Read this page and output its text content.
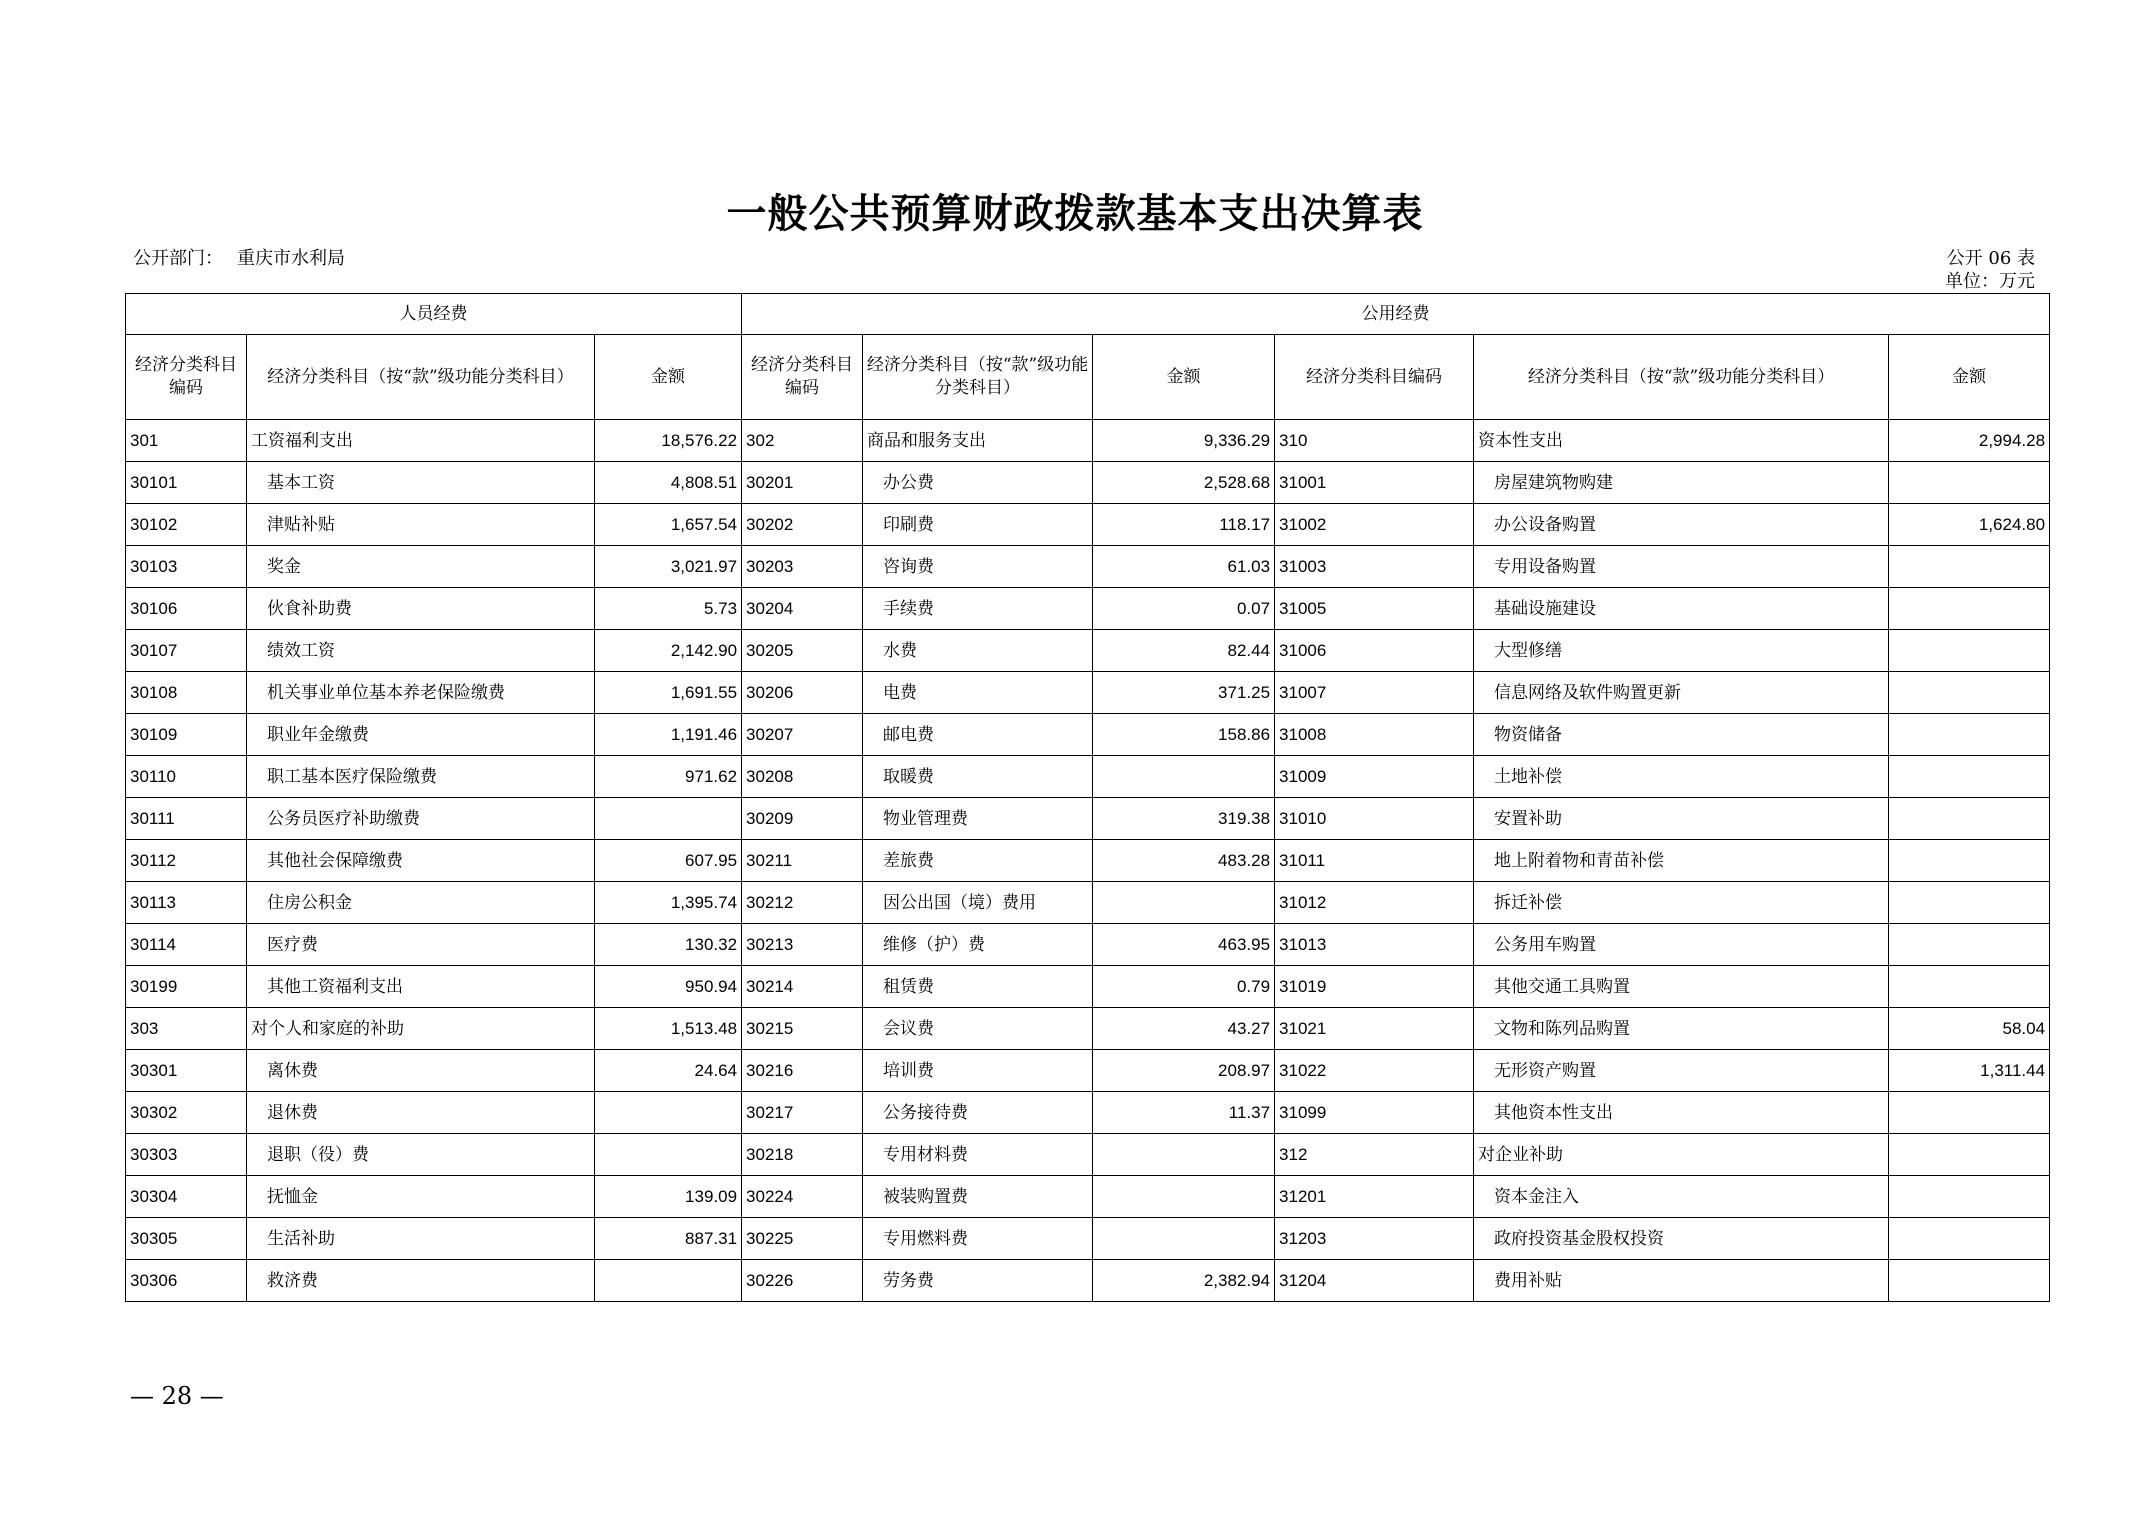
一般公共预算财政拨款基本支出决算表
公开部门： 重庆市水利局	公开 06 表
单位：万元
人员经费			公用经费					
经济分类科目编码	经济分类科目（按“款”级功能分类科目）	金额	经济分类科目编码	经济分类科目（按“款”级功能分类科目）	金额	经济分类科目编码	经济分类科目（按“款”级功能分类科目）	金额
301	工资福利支出	18,576.22	302	商品和服务支出	9,336.29	310	资本性支出	2,994.28
30101	基本工资	4,808.51	30201	办公费	2,528.68	31001	房屋建筑物购建	
30102	津贴补贴	1,657.54	30202	印刷费	118.17	31002	办公设备购置	1,624.80
30103	奖金	3,021.97	30203	咨询费	61.03	31003	专用设备购置	
30106	伙食补助费	5.73	30204	手续费	0.07	31005	基础设施建设	
30107	绩效工资	2,142.90	30205	水费	82.44	31006	大型修缮	
30108	机关事业单位基本养老保险缴费	1,691.55	30206	电费	371.25	31007	信息网络及软件购置更新	
30109	职业年金缴费	1,191.46	30207	邮电费	158.86	31008	物资储备	
30110	职工基本医疗保险缴费	971.62	30208	取暖费		31009	土地补偿	
30111	公务员医疗补助缴费		30209	物业管理费	319.38	31010	安置补助	
30112	其他社会保障缴费	607.95	30211	差旅费	483.28	31011	地上附着物和青苗补偿	
30113	住房公积金	1,395.74	30212	因公出国（境）费用		31012	拆迁补偿	
30114	医疗费	130.32	30213	维修（护）费	463.95	31013	公务用车购置	
30199	其他工资福利支出	950.94	30214	租赁费	0.79	31019	其他交通工具购置	
303	对个人和家庭的补助	1,513.48	30215	会议费	43.27	31021	文物和陈列品购置	58.04
30301	离休费	24.64	30216	培训费	208.97	31022	无形资产购置	1,311.44
30302	退休费		30217	公务接待费	11.37	31099	其他资本性支出	
30303	退职（役）费		30218	专用材料费		312	对企业补助	
30304	抚恤金	139.09	30224	被装购置费		31201	资本金注入	
30305	生活补助	887.31	30225	专用燃料费		31203	政府投资基金股权投资	
30306	救济费		30226	劳务费	2,382.94	31204	费用补贴	
— 28 —
